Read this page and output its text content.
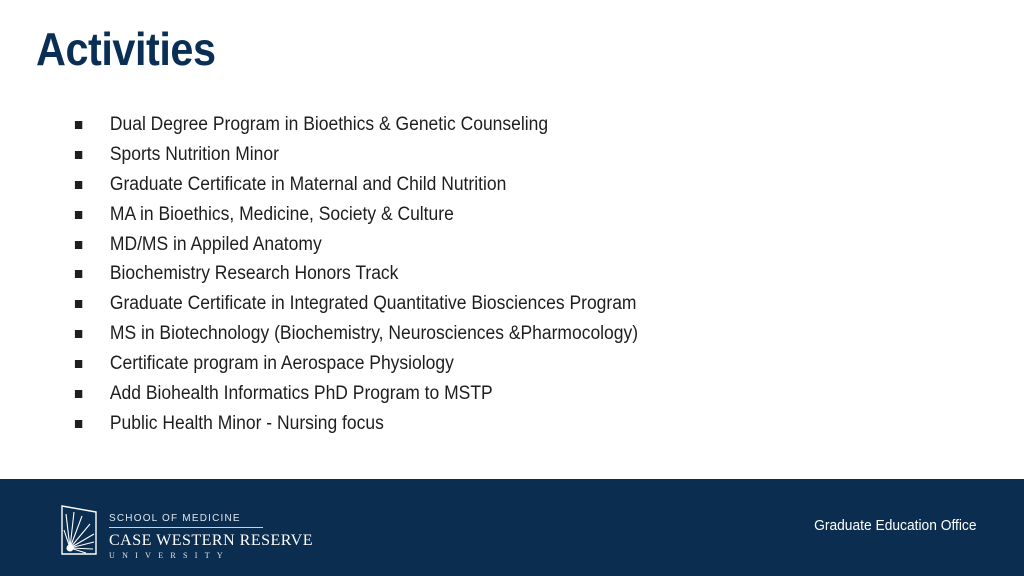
Activities
Dual Degree Program in Bioethics & Genetic Counseling
Sports Nutrition Minor
Graduate Certificate in Maternal and Child Nutrition
MA in Bioethics, Medicine, Society & Culture
MD/MS in Appiled Anatomy
Biochemistry Research Honors Track
Graduate Certificate in Integrated Quantitative Biosciences Program
MS in Biotechnology (Biochemistry, Neurosciences &Pharmocology)
Certificate program in Aerospace Physiology
Add Biohealth Informatics PhD Program to MSTP
Public Health Minor - Nursing focus
SCHOOL OF MEDICINE
CASE WESTERN RESERVE
UNIVERSITY
Graduate Education Office
